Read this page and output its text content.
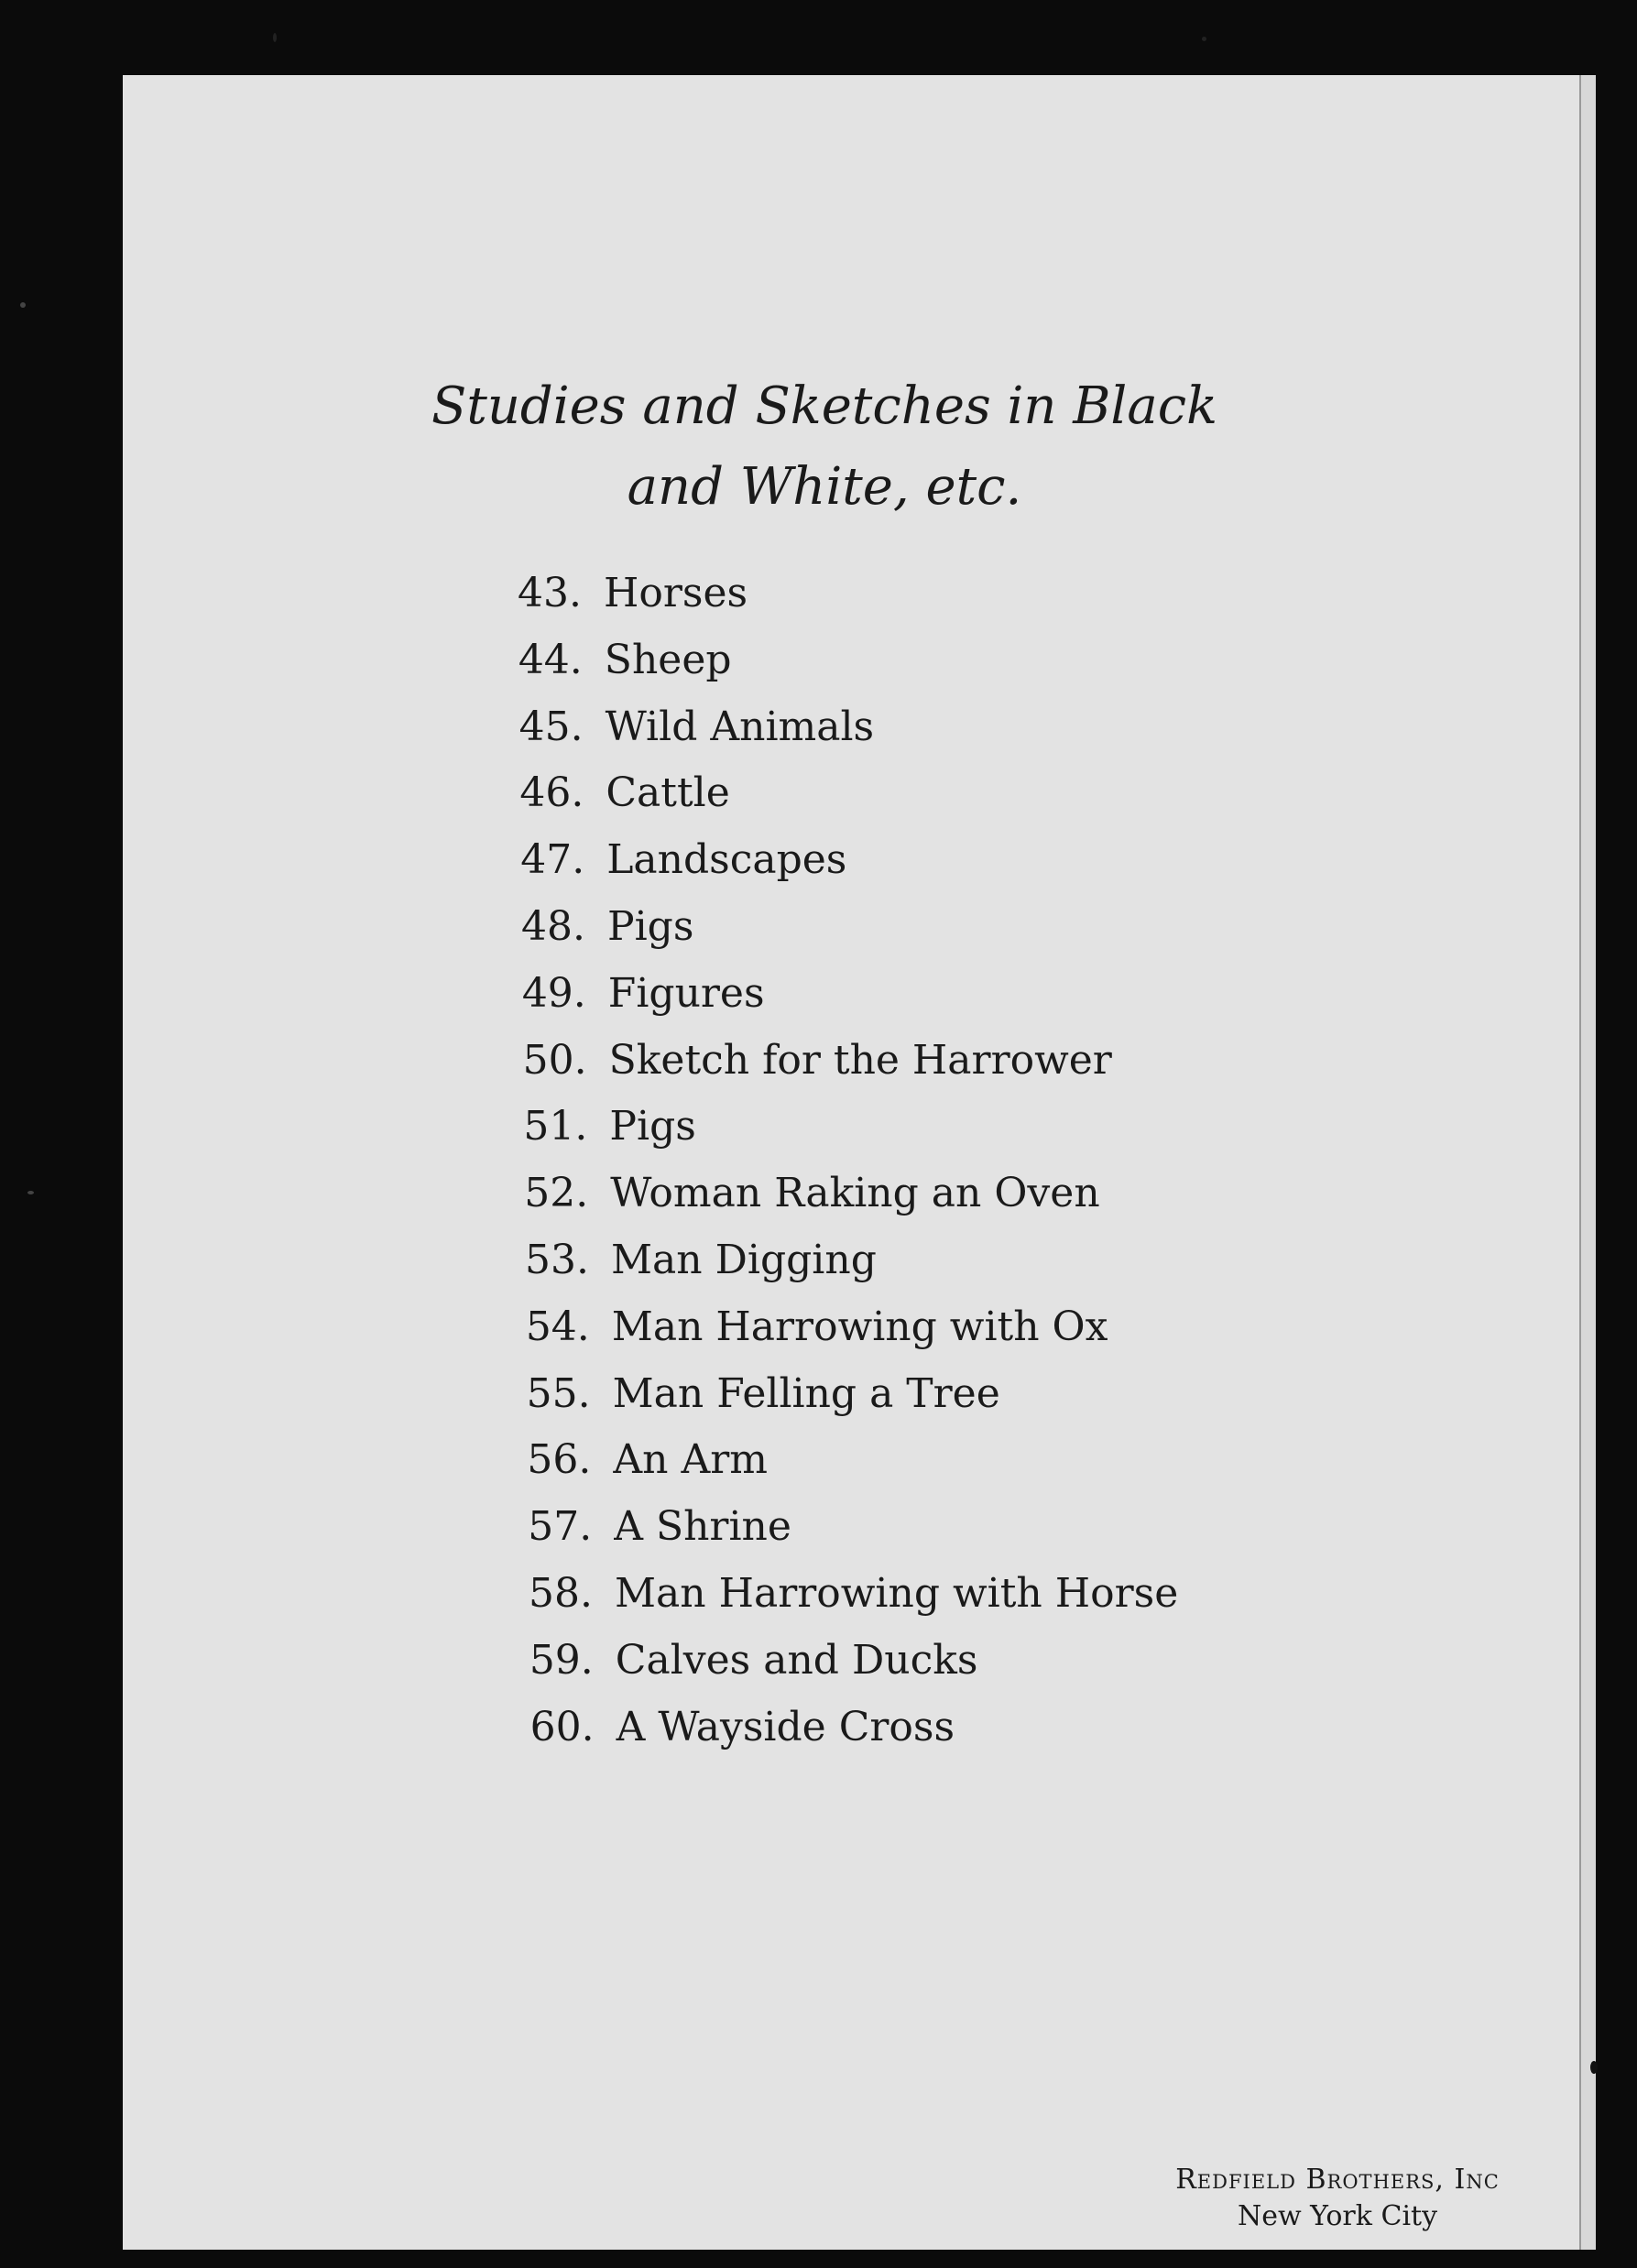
Studies and Sketches in Black
and White, etc.
43. Horses
44. Sheep
45. Wild Animals
46. Cattle
47. Landscapes
48. Pigs
49. Figures
50. Sketch for the Harrower
51. Pigs
52. Woman Raking an Oven
53. Man Digging
54. Man Harrowing with Ox
55. Man Felling a Tree
56. An Arm
57. A Shrine
58. Man Harrowing with Horse
59. Calves and Ducks
60. A Wayside Cross
Redfield Brothers, Inc
New York City
